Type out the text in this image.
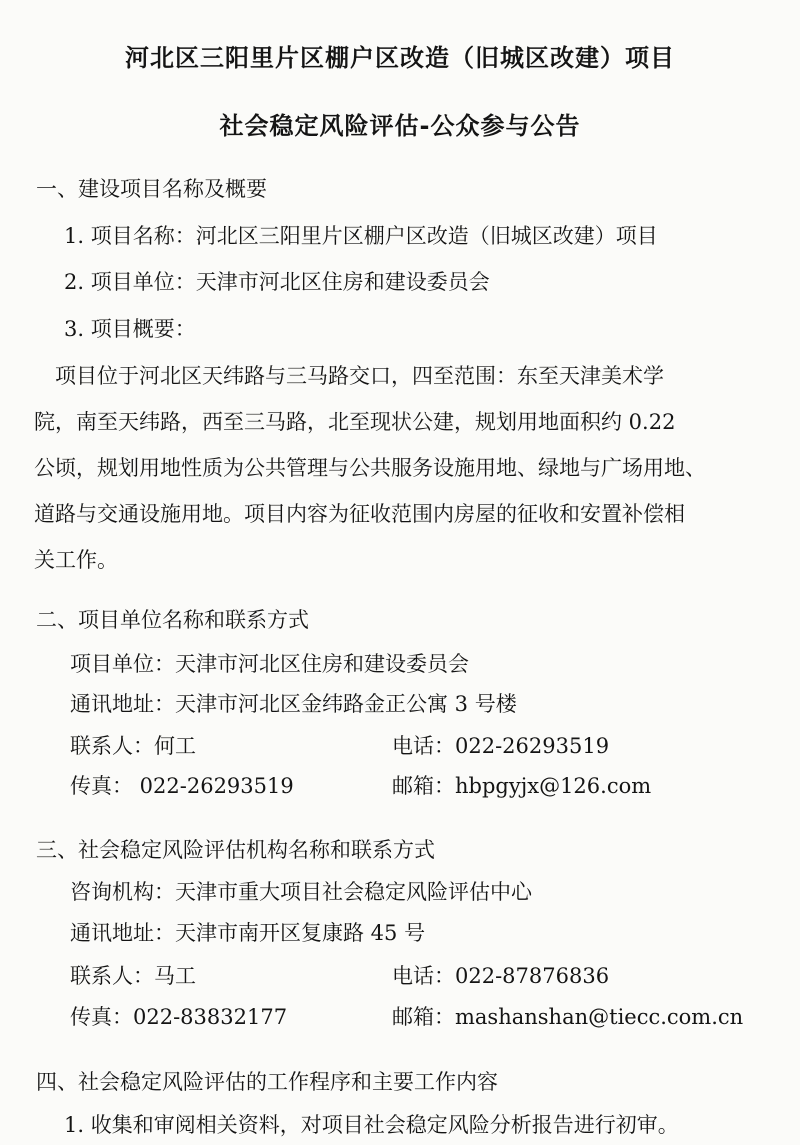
河北区三阳里片区棚户区改造（旧城区改建）项目
社会稳定风险评估-公众参与公告
一、建设项目名称及概要
1. 项目名称：河北区三阳里片区棚户区改造（旧城区改建）项目
2. 项目单位：天津市河北区住房和建设委员会
3. 项目概要：
　项目位于河北区天纬路与三马路交口，四至范围：东至天津美术学
院，南至天纬路，西至三马路，北至现状公建，规划用地面积约 0.22
公顷，规划用地性质为公共管理与公共服务设施用地、绿地与广场用地、
道路与交通设施用地。项目内容为征收范围内房屋的征收和安置补偿相
关工作。
二、项目单位名称和联系方式
项目单位：天津市河北区住房和建设委员会
通讯地址：天津市河北区金纬路金正公寓 3 号楼
联系人：何工	电话：022-26293519
传真： 022-26293519	邮箱：hbpgyjx@126.com
三、社会稳定风险评估机构名称和联系方式
咨询机构：天津市重大项目社会稳定风险评估中心
通讯地址：天津市南开区复康路 45 号
联系人：马工	电话：022-87876836
传真：022-83832177	邮箱：mashanshan@tiecc.com.cn
四、社会稳定风险评估的工作程序和主要工作内容
1. 收集和审阅相关资料，对项目社会稳定风险分析报告进行初审。
